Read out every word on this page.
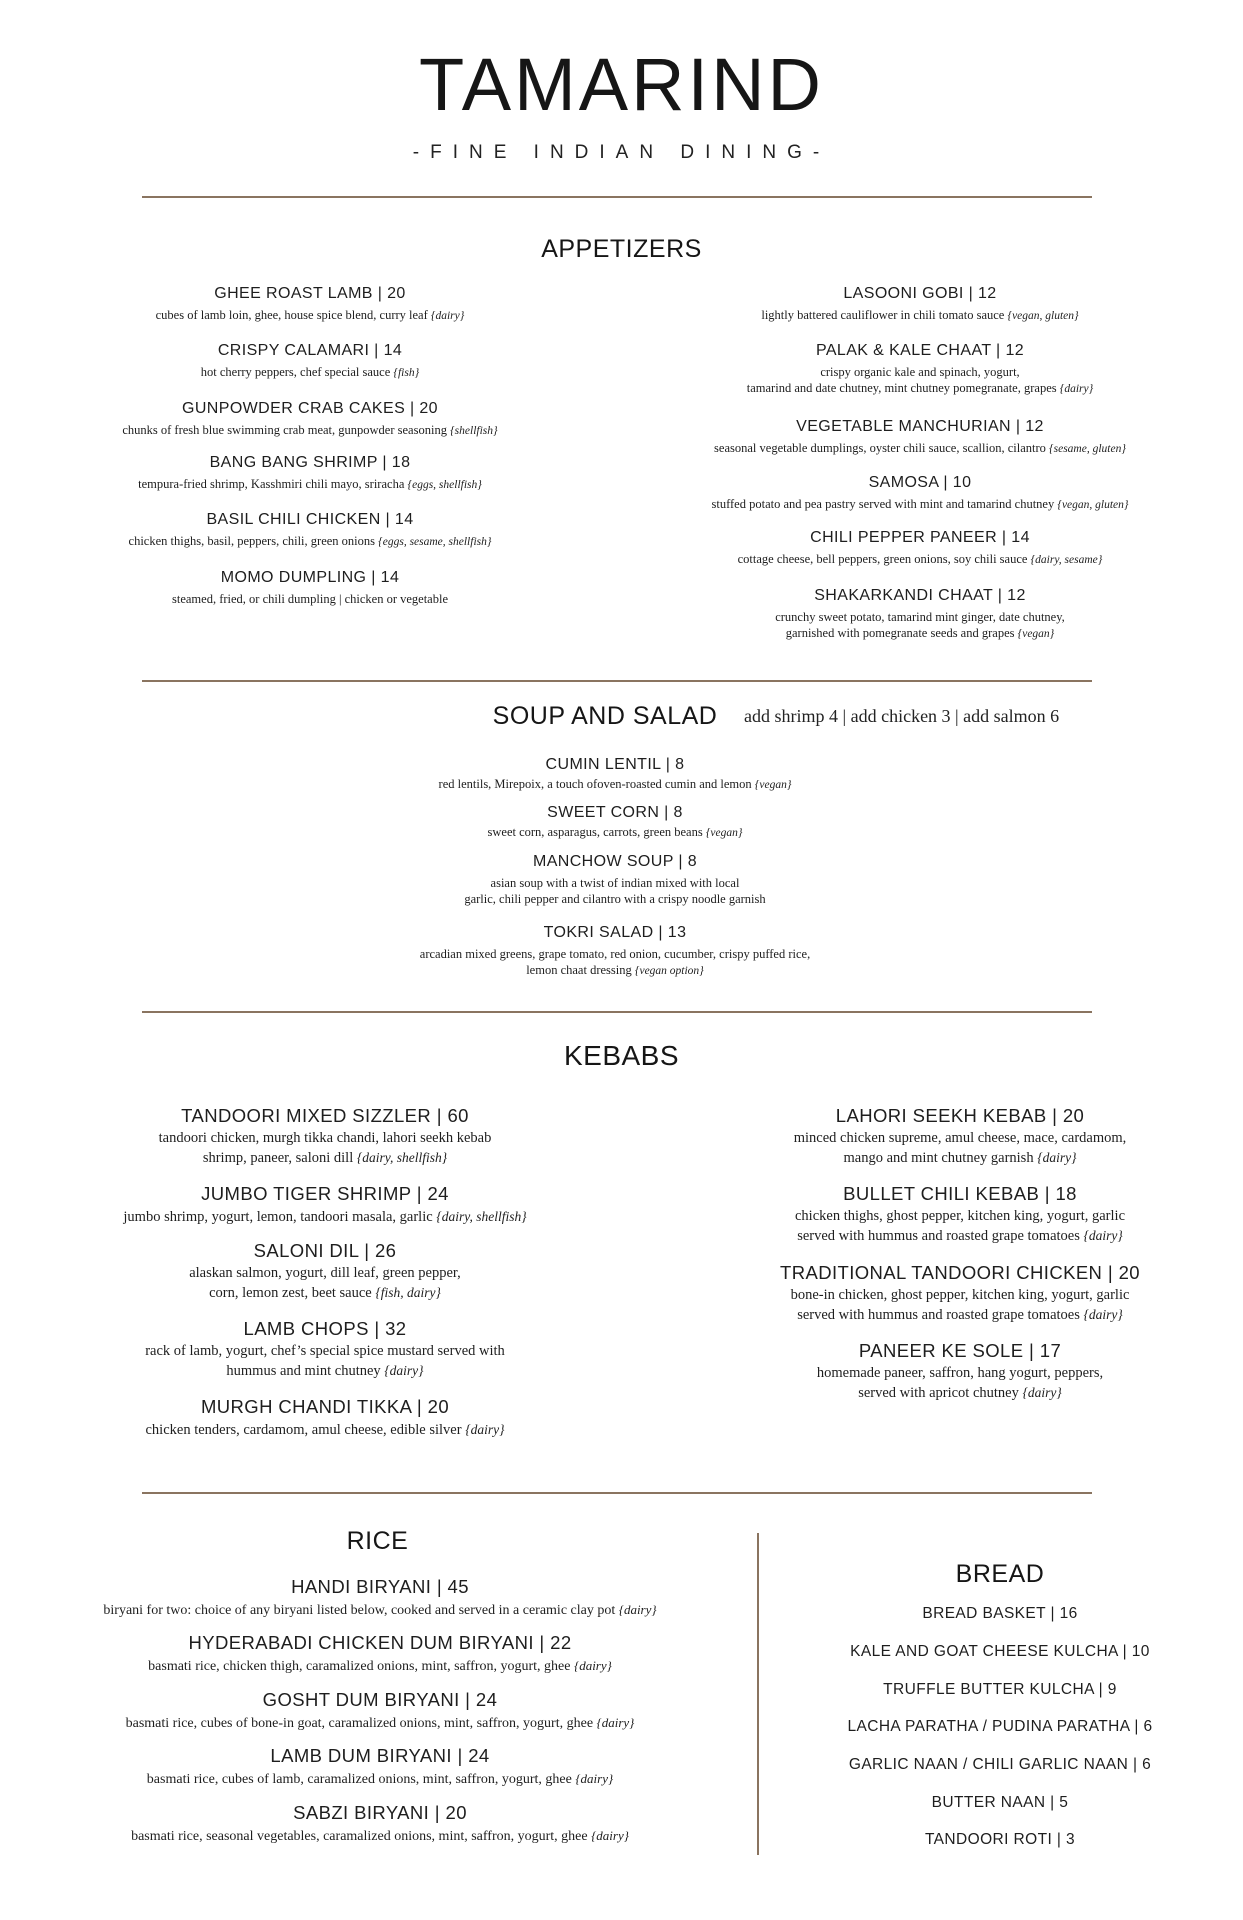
TAMARIND
-FINE INDIAN DINING-
APPETIZERS
GHEE ROAST LAMB | 20
cubes of lamb loin, ghee, house spice blend, curry leaf {dairy}
CRISPY CALAMARI | 14
hot cherry peppers, chef special sauce {fish}
GUNPOWDER CRAB CAKES | 20
chunks of fresh blue swimming crab meat, gunpowder seasoning {shellfish}
BANG BANG SHRIMP | 18
tempura-fried shrimp, Kasshmiri chili mayo, sriracha {eggs, shellfish}
BASIL CHILI CHICKEN | 14
chicken thighs, basil, peppers, chili, green onions {eggs, sesame, shellfish}
MOMO DUMPLING | 14
steamed, fried, or chili dumpling | chicken or vegetable
LASOONI GOBI | 12
lightly battered cauliflower in chili tomato sauce {vegan, gluten}
PALAK & KALE CHAAT | 12
crispy organic kale and spinach, yogurt,
tamarind and date chutney, mint chutney pomegranate, grapes {dairy}
VEGETABLE MANCHURIAN | 12
seasonal vegetable dumplings, oyster chili sauce, scallion, cilantro {sesame, gluten}
SAMOSA | 10
stuffed potato and pea pastry served with mint and tamarind chutney {vegan, gluten}
CHILI PEPPER PANEER | 14
cottage cheese, bell peppers, green onions, soy chili sauce {dairy, sesame}
SHAKARKANDI CHAAT | 12
crunchy sweet potato, tamarind mint ginger, date chutney,
garnished with pomegranate seeds and grapes {vegan}
SOUP AND SALAD	add shrimp 4 | add chicken 3 | add salmon 6
CUMIN LENTIL | 8
red lentils, Mirepoix, a touch ofoven-roasted cumin and lemon {vegan}
SWEET CORN | 8
sweet corn, asparagus, carrots, green beans {vegan}
MANCHOW SOUP | 8
asian soup with a twist of indian mixed with local
garlic, chili pepper and cilantro with a crispy noodle garnish
TOKRI SALAD | 13
arcadian mixed greens, grape tomato, red onion, cucumber, crispy puffed rice,
lemon chaat dressing {vegan option}
KEBABS
TANDOORI MIXED SIZZLER | 60
tandoori chicken, murgh tikka chandi, lahori seekh kebab
shrimp, paneer, saloni dill {dairy, shellfish}
JUMBO TIGER SHRIMP | 24
jumbo shrimp, yogurt, lemon, tandoori masala, garlic {dairy, shellfish}
SALONI DIL | 26
alaskan salmon, yogurt, dill leaf, green pepper,
corn, lemon zest, beet sauce {fish, dairy}
LAMB CHOPS | 32
rack of lamb, yogurt, chef’s special spice mustard served with
hummus and mint chutney {dairy}
MURGH CHANDI TIKKA | 20
chicken tenders, cardamom, amul cheese, edible silver {dairy}
LAHORI SEEKH KEBAB | 20
minced chicken supreme, amul cheese, mace, cardamom,
mango and mint chutney garnish {dairy}
BULLET CHILI KEBAB | 18
chicken thighs, ghost pepper, kitchen king, yogurt, garlic
served with hummus and roasted grape tomatoes {dairy}
TRADITIONAL TANDOORI CHICKEN | 20
bone-in chicken, ghost pepper, kitchen king, yogurt, garlic
served with hummus and roasted grape tomatoes {dairy}
PANEER KE SOLE | 17
homemade paneer, saffron, hang yogurt, peppers,
served with apricot chutney {dairy}
RICE
HANDI BIRYANI | 45
biryani for two: choice of any biryani listed below, cooked and served in a ceramic clay pot {dairy}
HYDERABADI CHICKEN DUM BIRYANI | 22
basmati rice, chicken thigh, caramalized onions, mint, saffron, yogurt, ghee {dairy}
GOSHT DUM BIRYANI | 24
basmati rice, cubes of bone-in goat, caramalized onions, mint, saffron, yogurt, ghee {dairy}
LAMB DUM BIRYANI | 24
basmati rice, cubes of lamb, caramalized onions, mint, saffron, yogurt, ghee {dairy}
SABZI BIRYANI | 20
basmati rice, seasonal vegetables, caramalized onions, mint, saffron, yogurt, ghee {dairy}
BREAD
BREAD BASKET | 16
KALE AND GOAT CHEESE KULCHA | 10
TRUFFLE BUTTER KULCHA | 9
LACHA PARATHA / PUDINA PARATHA | 6
GARLIC NAAN / CHILI GARLIC NAAN | 6
BUTTER NAAN | 5
TANDOORI ROTI | 3
